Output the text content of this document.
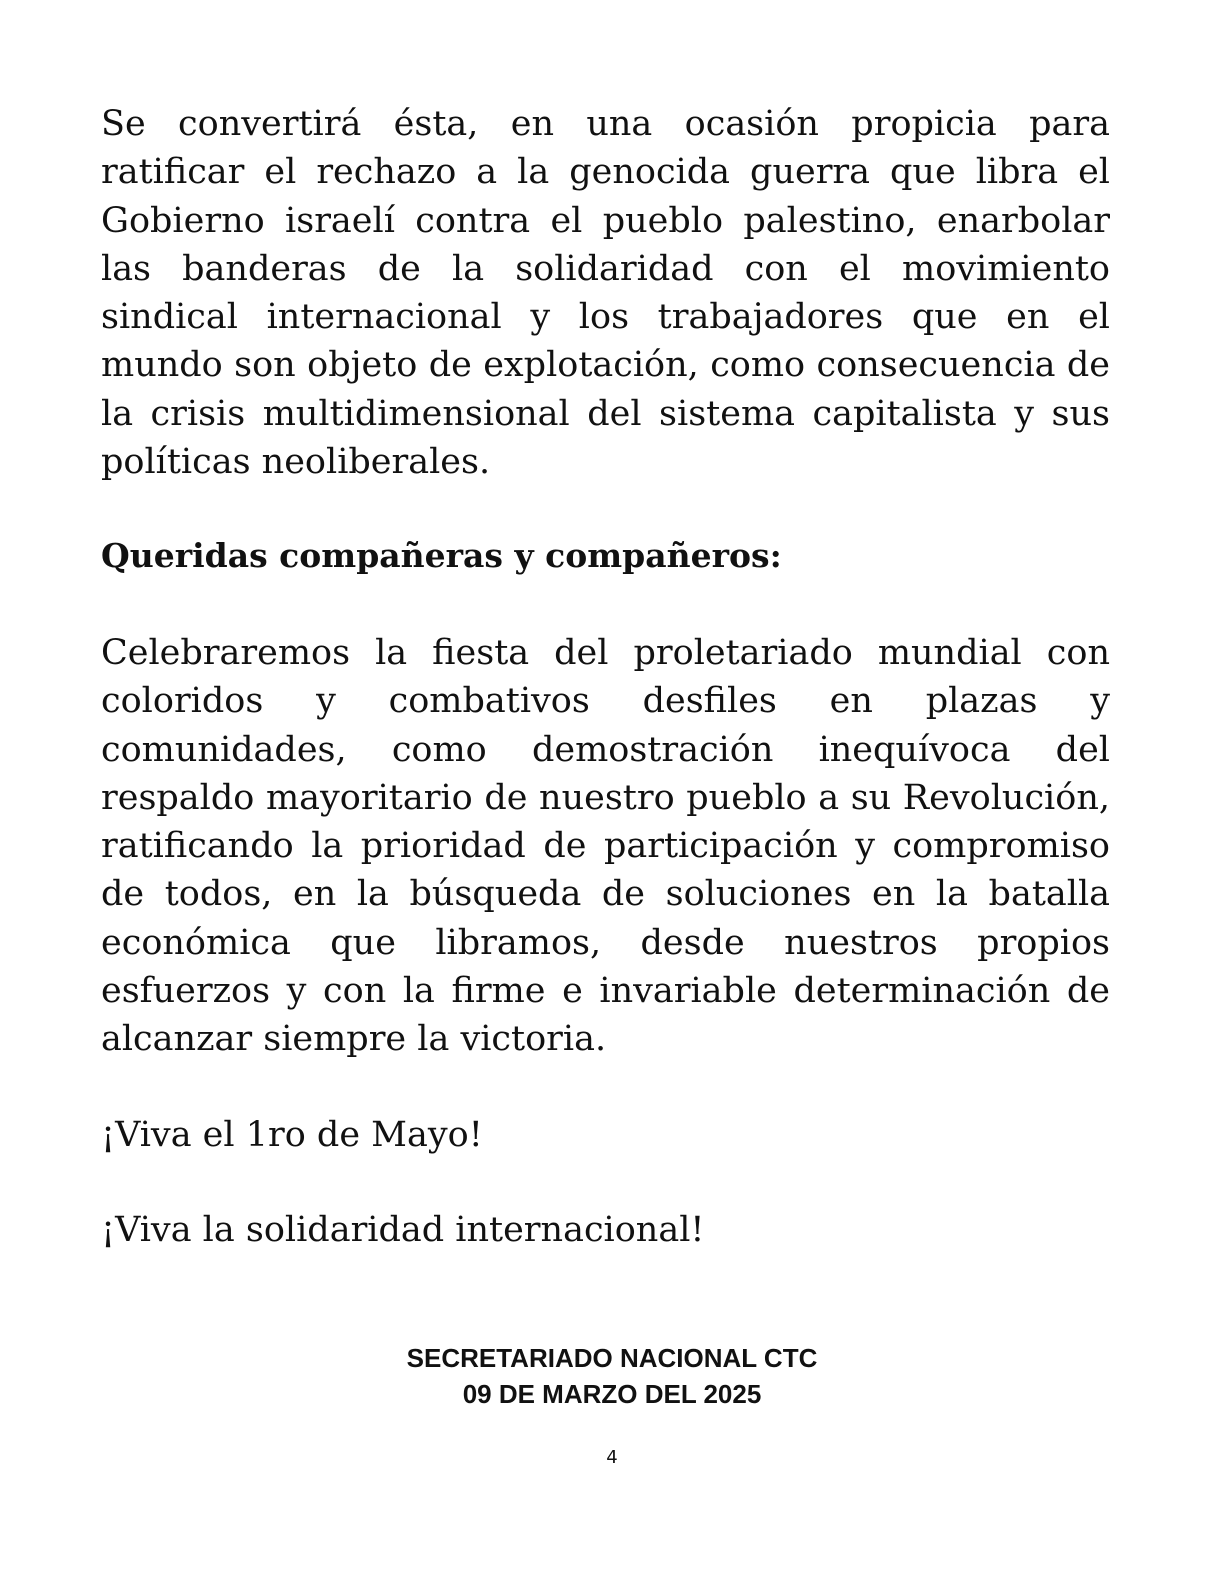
Se convertirá ésta, en una ocasión propicia para ratificar el rechazo a la genocida guerra que libra el Gobierno israelí contra el pueblo palestino, enarbolar las banderas de la solidaridad con el movimiento sindical internacional y los trabajadores que en el mundo son objeto de explotación, como consecuencia de la crisis multidimensional del sistema capitalista y sus políticas neoliberales.

Queridas compañeras y compañeros:

Celebraremos la fiesta del proletariado mundial con coloridos y combativos desfiles en plazas y comunidades, como demostración inequívoca del respaldo mayoritario de nuestro pueblo a su Revolución, ratificando la prioridad de participación y compromiso de todos, en la búsqueda de soluciones en la batalla económica que libramos, desde nuestros propios esfuerzos y con la firme e invariable determinación de alcanzar siempre la victoria.

¡Viva el 1ro de Mayo!

¡Viva la solidaridad internacional!

SECRETARIADO NACIONAL CTC
09 DE MARZO DEL 2025
4
